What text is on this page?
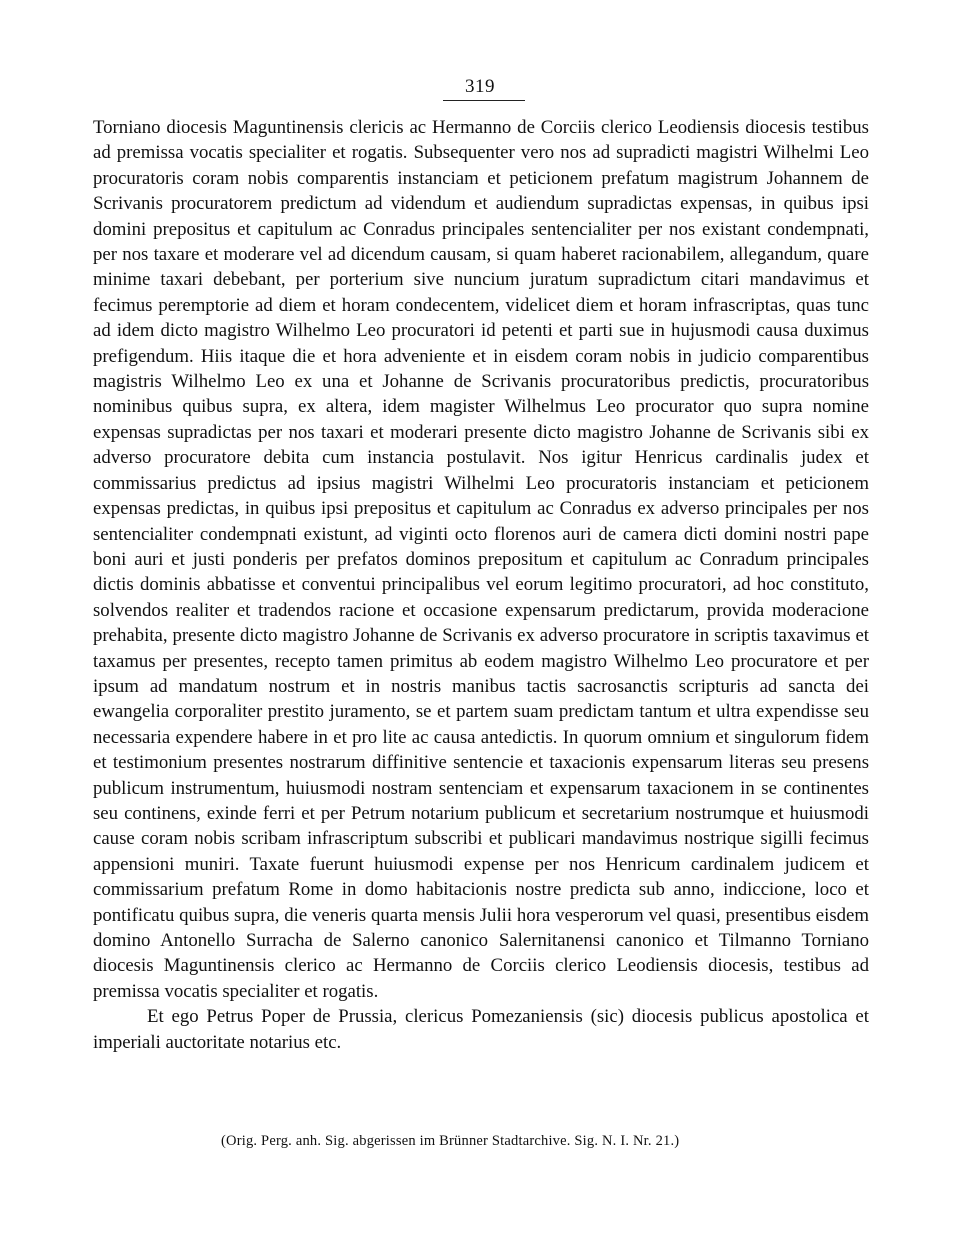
319

Torniano diocesis Maguntinensis clericis ac Hermanno de Corciis clerico Leodiensis diocesis testibus ad premissa vocatis specialiter et rogatis. Subsequenter vero nos ad supradicti magistri Wilhelmi Leo procuratoris coram nobis comparentis instanciam et peticionem prefatum magistrum Johannem de Scrivanis procuratorem predictum ad videndum et audiendum supradictas expensas, in quibus ipsi domini prepositus et capitulum ac Conradus principales sentencialiter per nos existant condempnati, per nos taxare et moderare vel ad dicendum causam, si quam haberet racionabilem, allegandum, quare minime taxari debebant, per porterium sive nuncium juratum supradictum citari mandavimus et fecimus peremptorie ad diem et horam condecentem, videlicet diem et horam infrascriptas, quas tunc ad idem dicto magistro Wilhelmo Leo procuratori id petenti et parti sue in hujusmodi causa duximus prefigendum. Hiis itaque die et hora adveniente et in eisdem coram nobis in judicio comparentibus magistris Wilhelmo Leo ex una et Johanne de Scrivanis procuratoribus predictis, procuratoribus nominibus quibus supra, ex altera, idem magister Wilhelmus Leo procurator quo supra nomine expensas supradictas per nos taxari et moderari presente dicto magistro Johanne de Scrivanis sibi ex adverso procuratore debita cum instancia postulavit. Nos igitur Henricus cardinalis judex et commissarius predictus ad ipsius magistri Wilhelmi Leo procuratoris instanciam et peticionem expensas predictas, in quibus ipsi prepositus et capitulum ac Conradus ex adverso principales per nos sentencialiter condempnati existunt, ad viginti octo florenos auri de camera dicti domini nostri pape boni auri et justi ponderis per prefatos dominos prepositum et capitulum ac Conradum principales dictis dominis abbatisse et conventui principalibus vel eorum legitimo procuratori, ad hoc constituto, solvendos realiter et tradendos racione et occasione expensarum predictarum, provida moderacione prehabita, presente dicto magistro Johanne de Scrivanis ex adverso procuratore in scriptis taxavimus et taxamus per presentes, recepto tamen primitus ab eodem magistro Wilhelmo Leo procuratore et per ipsum ad mandatum nostrum et in nostris manibus tactis sacrosanctis scripturis ad sancta dei ewangelia corporaliter prestito juramento, se et partem suam predictam tantum et ultra expendisse seu necessaria expendere habere in et pro lite ac causa antedictis. In quorum omnium et singulorum fidem et testimonium presentes nostrarum diffinitive sentencie et taxacionis expensarum literas seu presens publicum instrumentum, huiusmodi nostram sentenciam et expensarum taxacionem in se continentes seu continens, exinde ferri et per Petrum notarium publicum et secretarium nostrumque et huiusmodi cause coram nobis scribam infrascriptum subscribi et publicari mandavimus nostrique sigilli fecimus appensioni muniri. Taxate fuerunt huiusmodi expense per nos Henricum cardinalem judicem et commissarium prefatum Rome in domo habitacionis nostre predicta sub anno, indiccione, loco et pontificatu quibus supra, die veneris quarta mensis Julii hora vesperorum vel quasi, presentibus eisdem domino Antonello Surracha de Salerno canonico Salernitanensi canonico et Tilmanno Torniano diocesis Maguntinensis clerico ac Hermanno de Corciis clerico Leodiensis diocesis, testibus ad premissa vocatis specialiter et rogatis.

Et ego Petrus Poper de Prussia, clericus Pomezaniensis (sic) diocesis publicus apostolica et imperiali auctoritate notarius etc.

(Orig. Perg. anh. Sig. abgerissen im Brünner Stadtarchive. Sig. N. I. Nr. 21.)
